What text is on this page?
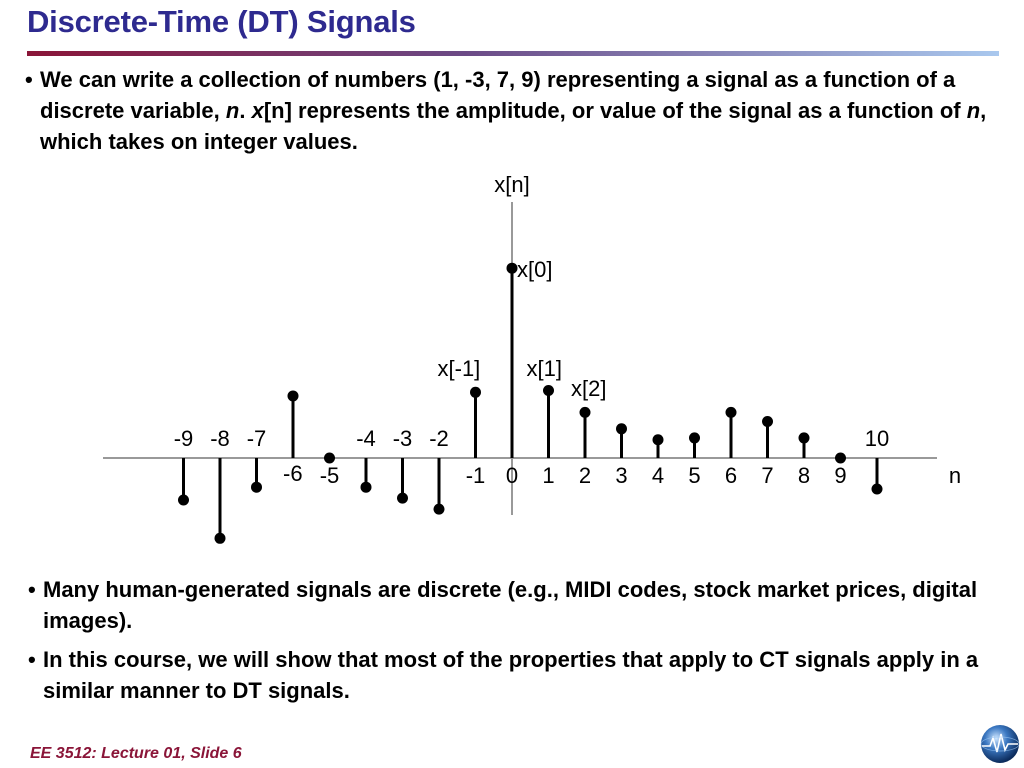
Discrete-Time (DT) Signals
• We can write a collection of numbers (1, -3, 7, 9) representing a signal as a function of a discrete variable, n. x[n] represents the amplitude, or value of the signal as a function of n, which takes on integer values.
n
x[n]
-9 -8 -7
-6 -5
-4 -3 -2
-1 0 1 2 3 4 5 6 7 8 9
10
x[-1]
x[0]
x[1]
x[2]
• Many human-generated signals are discrete (e.g., MIDI codes, stock market prices, digital images).
• In this course, we will show that most of the properties that apply to CT signals apply in a similar manner to DT signals.
EE 3512: Lecture 01, Slide 6
